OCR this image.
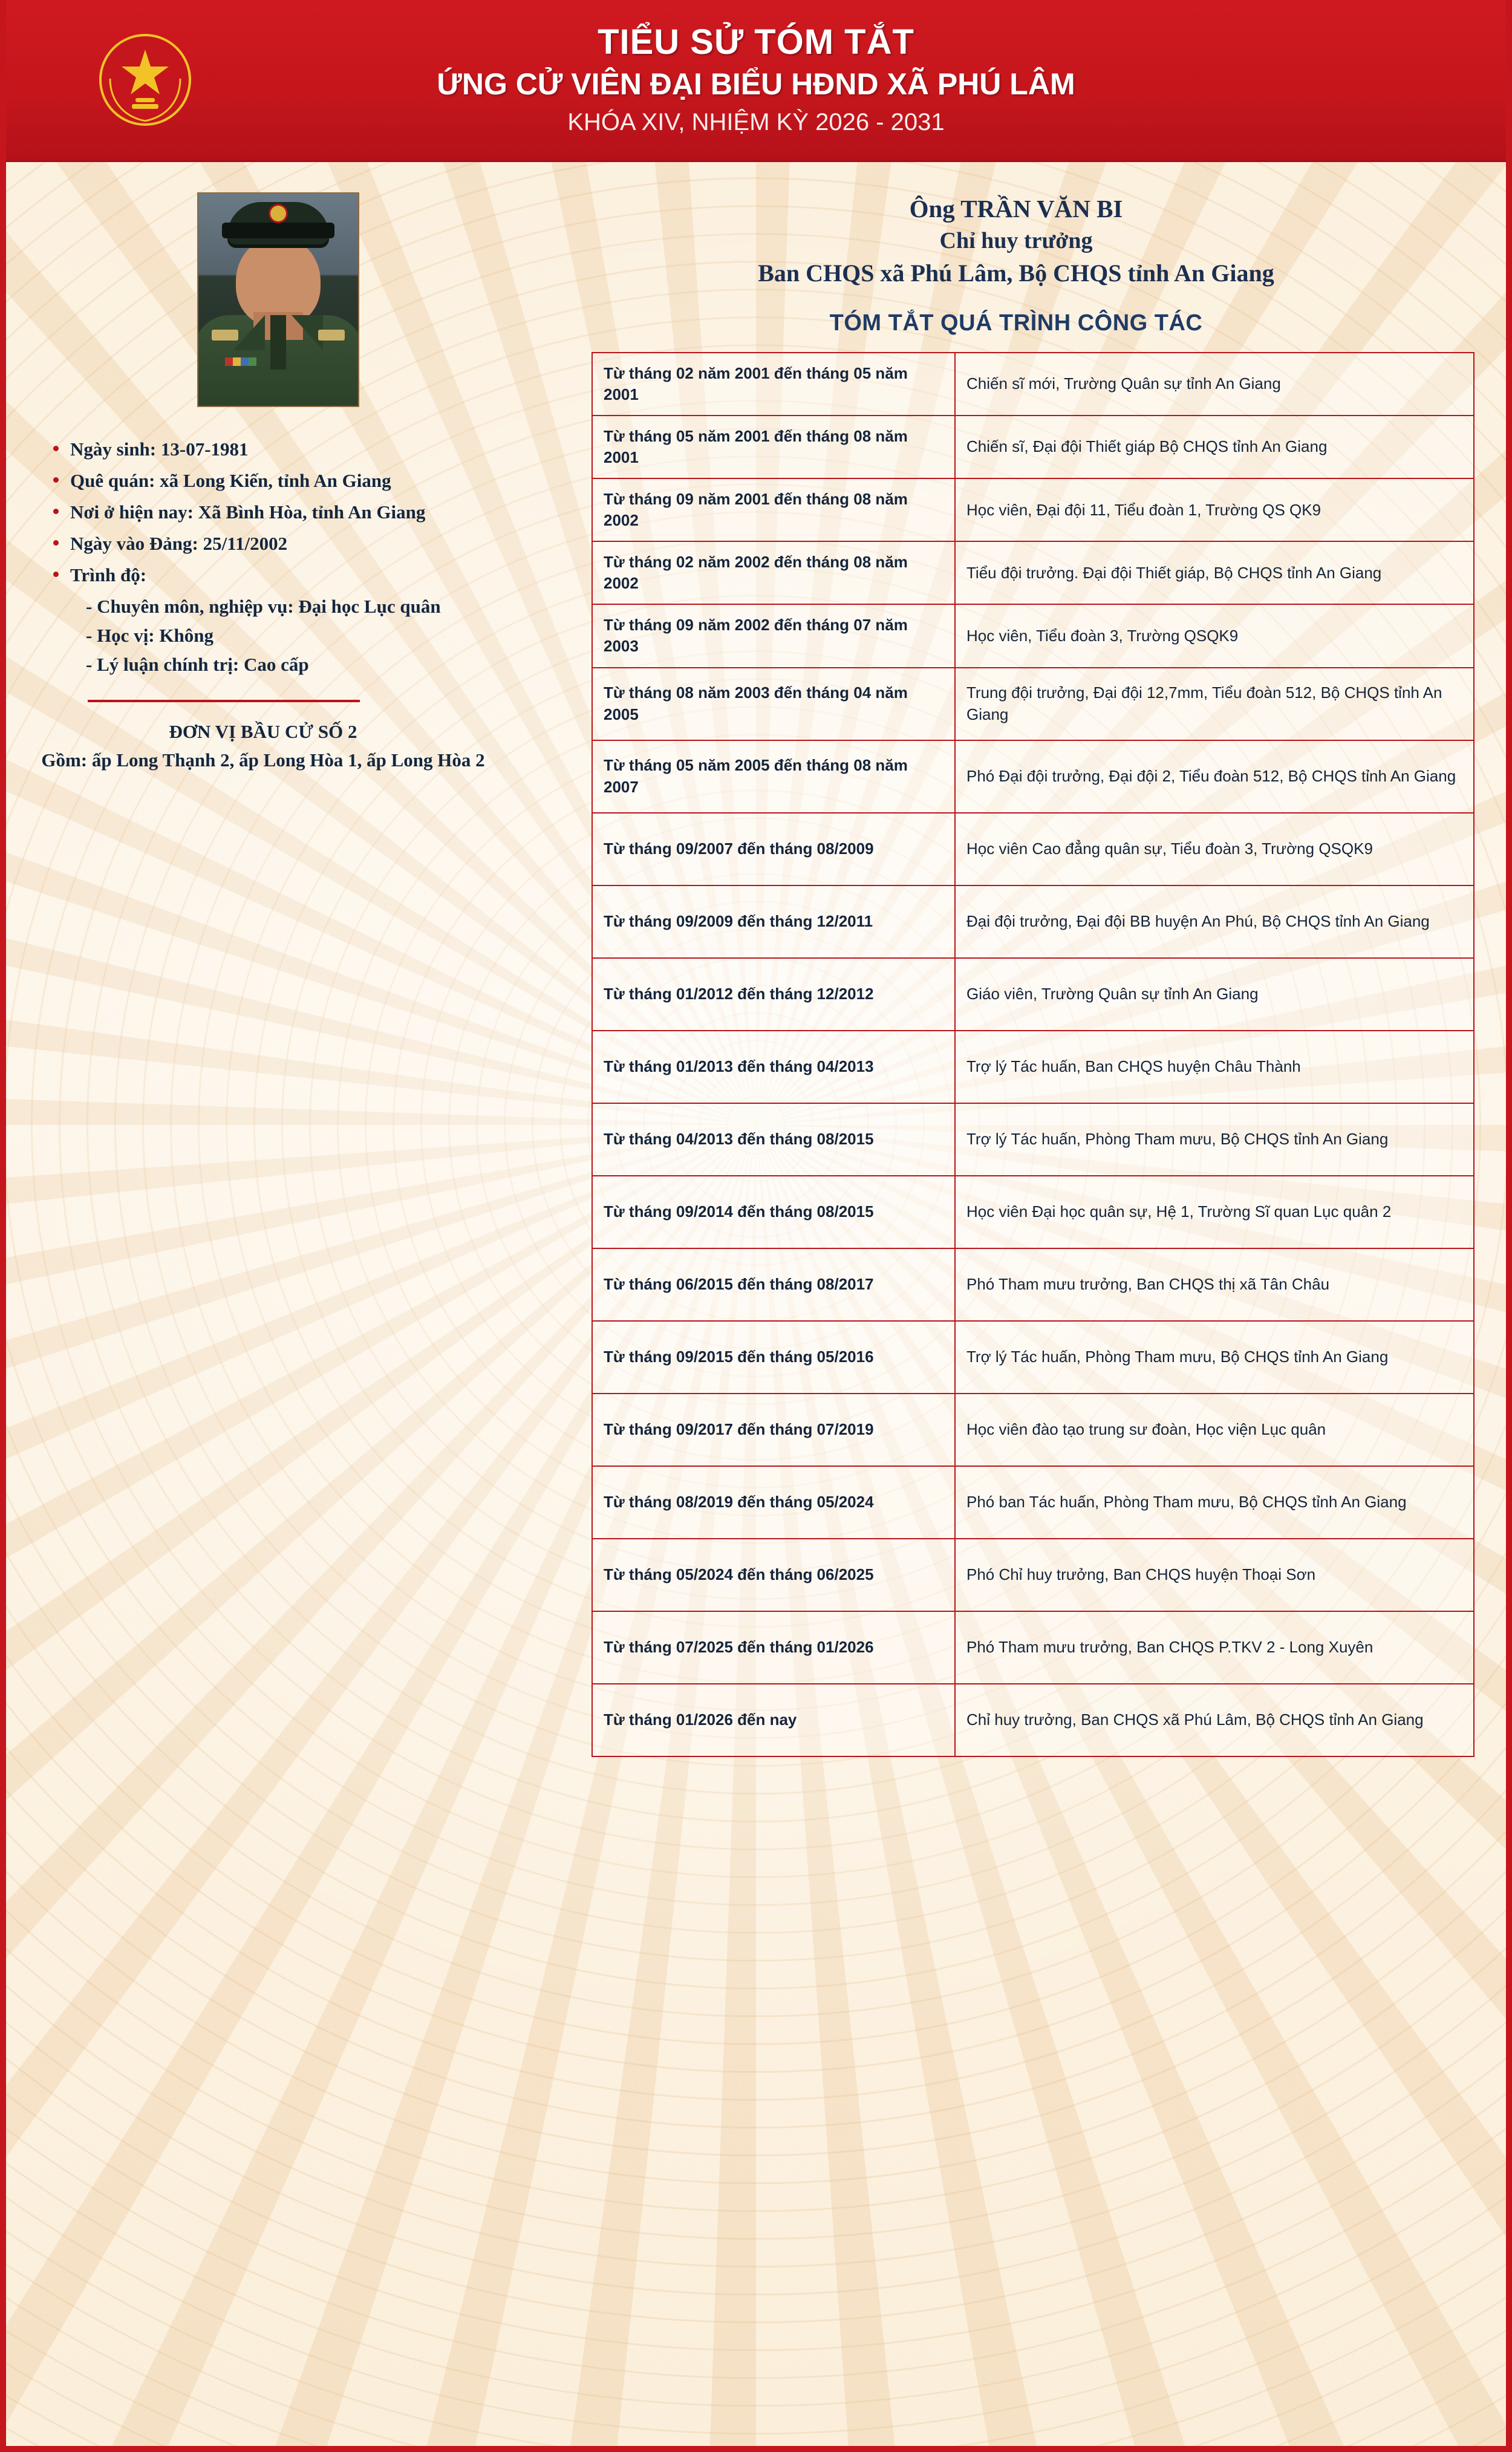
TIỂU SỬ TÓM TẮT
ỨNG CỬ VIÊN ĐẠI BIỂU HĐND XÃ PHÚ LÂM
KHÓA XIV, NHIỆM KỲ 2026 - 2031
Ngày sinh: 13-07-1981
Quê quán: xã Long Kiến, tỉnh An Giang
Nơi ở hiện nay: Xã Bình Hòa, tỉnh An Giang
Ngày vào Đảng: 25/11/2002
Trình độ:
- Chuyên môn, nghiệp vụ: Đại học Lục quân
- Học vị: Không
- Lý luận chính trị: Cao cấp
ĐƠN VỊ BẦU CỬ SỐ 2
Gồm: ấp Long Thạnh 2, ấp Long Hòa 1, ấp Long Hòa 2
Ông TRẦN VĂN BI
Chỉ huy trưởng
Ban CHQS xã Phú Lâm, Bộ CHQS tỉnh An Giang
TÓM TẮT QUÁ TRÌNH CÔNG TÁC
Từ tháng 02 năm 2001 đến tháng 05 năm 2001	Chiến sĩ mới, Trường Quân sự tỉnh An Giang
Từ tháng 05 năm 2001 đến tháng 08 năm 2001	Chiến sĩ, Đại đội Thiết giáp Bộ CHQS tỉnh An Giang
Từ tháng 09 năm 2001 đến tháng 08 năm 2002	Học viên, Đại đội 11, Tiểu đoàn 1, Trường QS QK9
Từ tháng 02 năm 2002 đến tháng 08 năm 2002	Tiểu đội trưởng. Đại đội Thiết giáp, Bộ CHQS tỉnh An Giang
Từ tháng 09 năm 2002 đến tháng 07 năm 2003	Học viên, Tiểu đoàn 3, Trường QSQK9
Từ tháng 08 năm 2003 đến tháng 04 năm 2005	Trung đội trưởng, Đại đội 12,7mm, Tiểu đoàn 512, Bộ CHQS tỉnh An Giang
Từ tháng 05 năm 2005 đến tháng 08 năm 2007	Phó Đại đội trưởng, Đại đội 2, Tiểu đoàn 512, Bộ CHQS tỉnh An Giang
Từ tháng 09/2007 đến tháng 08/2009	Học viên Cao đẳng quân sự, Tiểu đoàn 3, Trường QSQK9
Từ tháng 09/2009 đến tháng 12/2011	Đại đội trưởng, Đại đội BB huyện An Phú, Bộ CHQS tỉnh An Giang
Từ tháng 01/2012 đến tháng 12/2012	Giáo viên, Trường Quân sự tỉnh An Giang
Từ tháng 01/2013 đến tháng 04/2013	Trợ lý Tác huấn, Ban CHQS huyện Châu Thành
Từ tháng 04/2013 đến tháng 08/2015	Trợ lý Tác huấn, Phòng Tham mưu, Bộ CHQS tỉnh An Giang
Từ tháng 09/2014 đến tháng 08/2015	Học viên Đại học quân sự, Hệ 1, Trường Sĩ quan Lục quân 2
Từ tháng 06/2015 đến tháng 08/2017	Phó Tham mưu trưởng, Ban CHQS thị xã Tân Châu
Từ tháng 09/2015 đến tháng 05/2016	Trợ lý Tác huấn, Phòng Tham mưu, Bộ CHQS tỉnh An Giang
Từ tháng 09/2017 đến tháng 07/2019	Học viên đào tạo trung sư đoàn, Học viện Lục quân
Từ tháng 08/2019 đến tháng 05/2024	Phó ban Tác huấn, Phòng Tham mưu, Bộ CHQS tỉnh An Giang
Từ tháng 05/2024 đến tháng 06/2025	Phó Chỉ huy trưởng, Ban CHQS huyện Thoại Sơn
Từ tháng 07/2025 đến tháng 01/2026	Phó Tham mưu trưởng, Ban CHQS P.TKV 2 - Long Xuyên
Từ tháng 01/2026 đến nay	Chỉ huy trưởng, Ban CHQS xã Phú Lâm, Bộ CHQS tỉnh An Giang
